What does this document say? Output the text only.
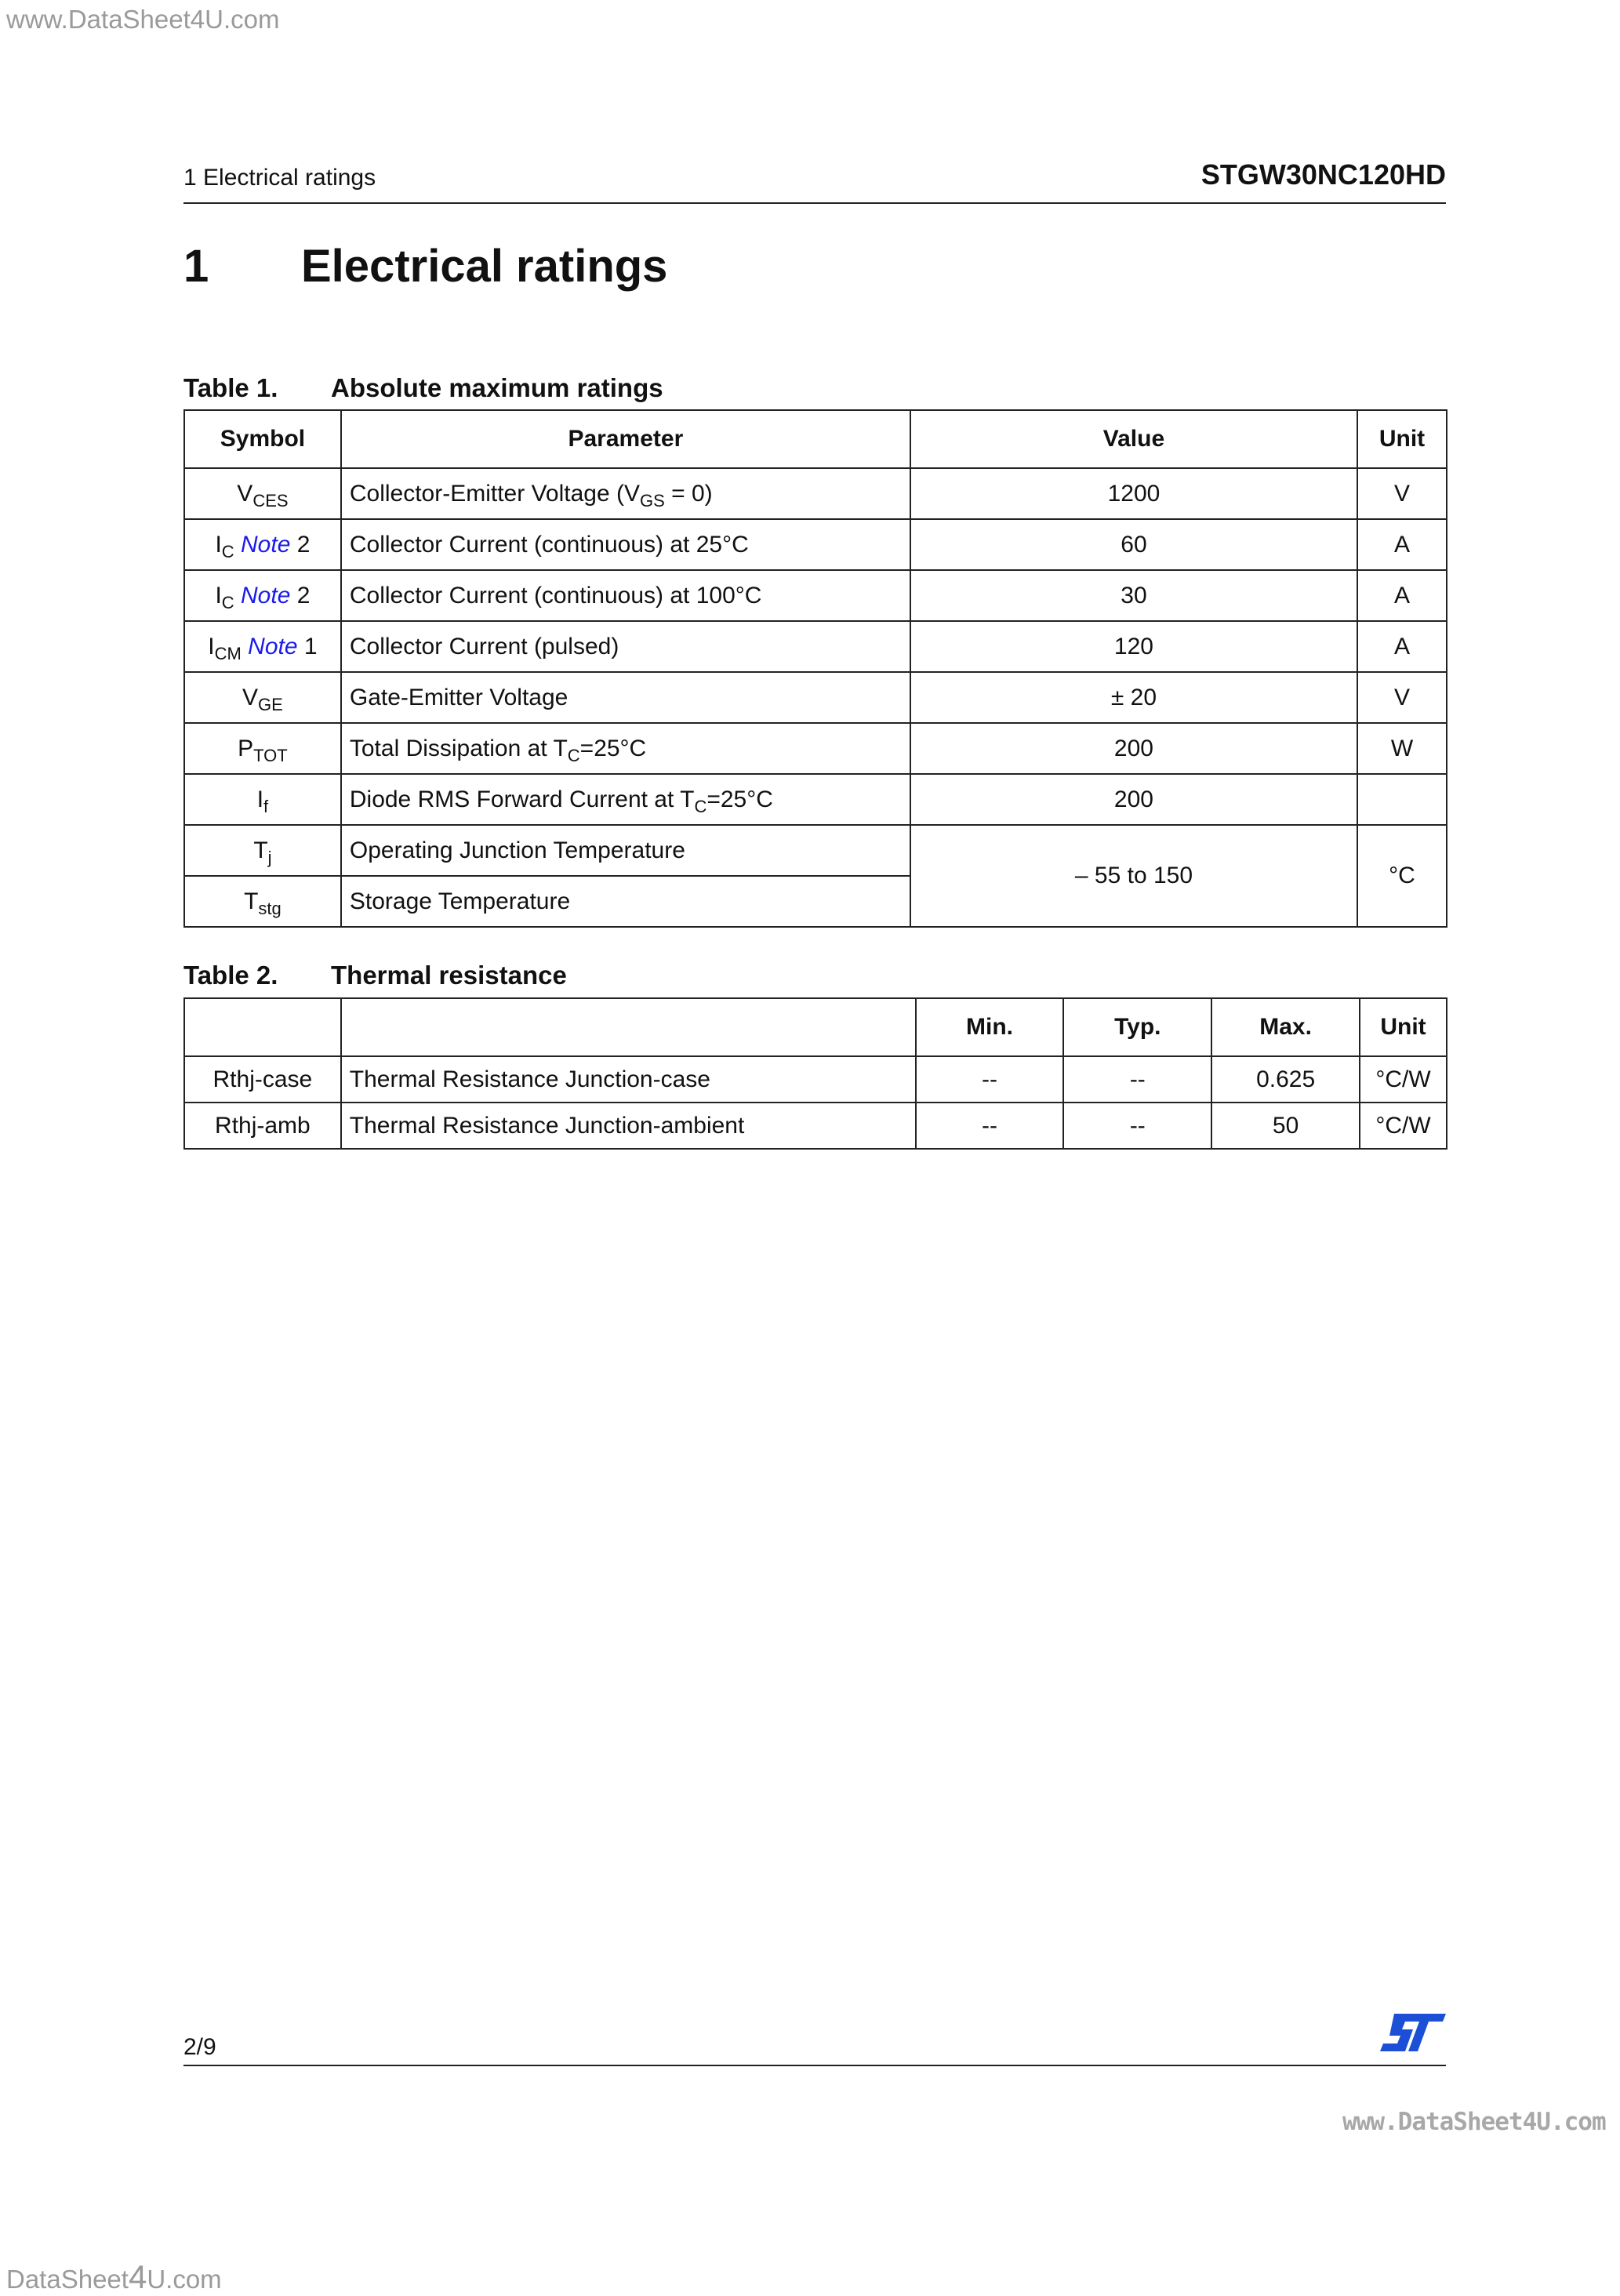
www.DataSheet4U.com
1 Electrical ratings	STGW30NC120HD
1 Electrical ratings
Table 1. Absolute maximum ratings
Symbol	Parameter	Value	Unit
$V_{CES}$	Collector-Emitter Voltage $(V_{GS} = 0)$	1200	V
$I_C$ Note 2	Collector Current (continuous) at 25°C	60	A
$I_C$ Note 2	Collector Current (continuous) at 100°C	30	A
$I_{CM}$ Note 1	Collector Current (pulsed)	120	A
$V_{GE}$	Gate-Emitter Voltage	± 20	V
$P_{TOT}$	Total Dissipation at $T_C=25^\circ C$	200	W
$I_f$	Diode RMS Forward Current at $T_C=25^\circ C$	200	
$T_j$	Operating Junction Temperature	– 55 to 150	°C
$T_{stg}$	Storage Temperature		
Table 2. Thermal resistance
		Min.	Typ.	Max.	Unit
Rthj-case	Thermal Resistance Junction-case	--	--	0.625	°C/W
Rthj-amb	Thermal Resistance Junction-ambient	--	--	50	°C/W
2/9
www.DataSheet4U.com
DataSheet4U.com
